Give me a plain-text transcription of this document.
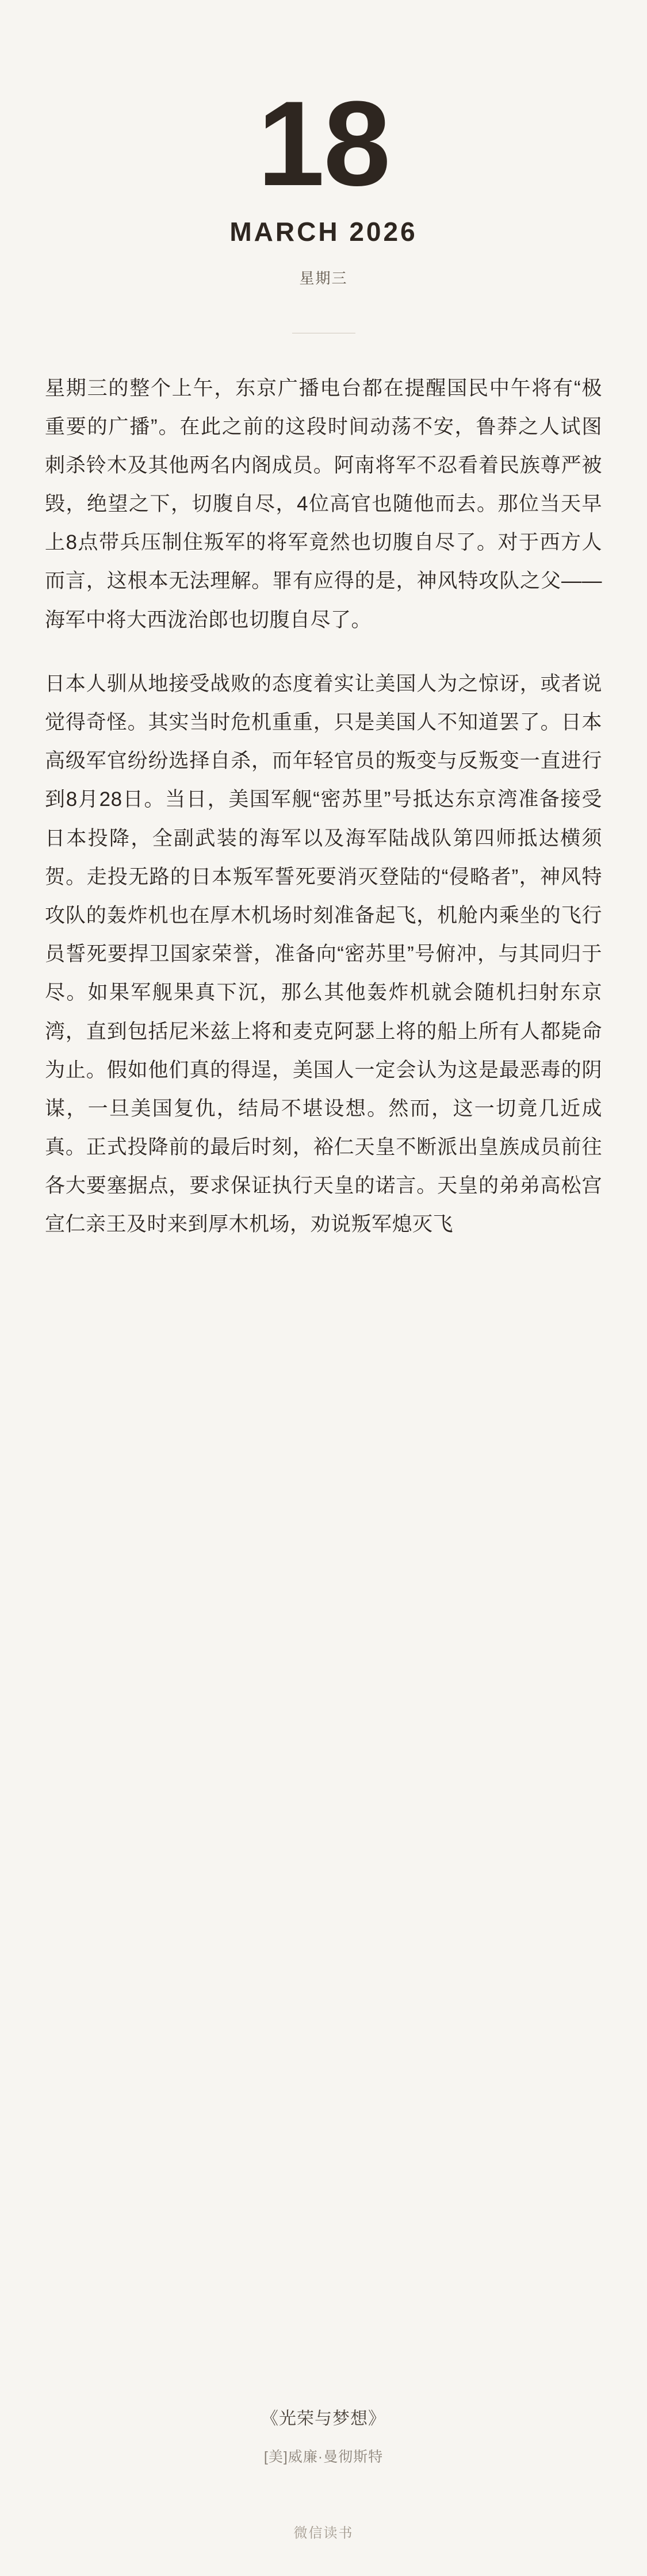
18
MARCH 2026
星期三

星期三的整个上午，东京广播电台都在提醒国民中午将有“极重要的广播”。在此之前的这段时间动荡不安，鲁莽之人试图刺杀铃木及其他两名内阁成员。阿南将军不忍看着民族尊严被毁，绝望之下，切腹自尽，4位高官也随他而去。那位当天早上8点带兵压制住叛军的将军竟然也切腹自尽了。对于西方人而言，这根本无法理解。罪有应得的是，神风特攻队之父——海军中将大西泷治郎也切腹自尽了。

日本人驯从地接受战败的态度着实让美国人为之惊讶，或者说觉得奇怪。其实当时危机重重，只是美国人不知道罢了。日本高级军官纷纷选择自杀，而年轻官员的叛变与反叛变一直进行到8月28日。当日，美国军舰“密苏里”号抵达东京湾准备接受日本投降，全副武装的海军以及海军陆战队第四师抵达横须贺。走投无路的日本叛军誓死要消灭登陆的“侵略者”，神风特攻队的轰炸机也在厚木机场时刻准备起飞，机舱内乘坐的飞行员誓死要捍卫国家荣誉，准备向“密苏里”号俯冲，与其同归于尽。如果军舰果真下沉，那么其他轰炸机就会随机扫射东京湾，直到包括尼米兹上将和麦克阿瑟上将的船上所有人都毙命为止。假如他们真的得逞，美国人一定会认为这是最恶毒的阴谋，一旦美国复仇，结局不堪设想。然而，这一切竟几近成真。正式投降前的最后时刻，裕仁天皇不断派出皇族成员前往各大要塞据点，要求保证执行天皇的诺言。天皇的弟弟高松宫宣仁亲王及时来到厚木机场，劝说叛军熄灭飞

《光荣与梦想》
[美]威廉·曼彻斯特
微信读书
